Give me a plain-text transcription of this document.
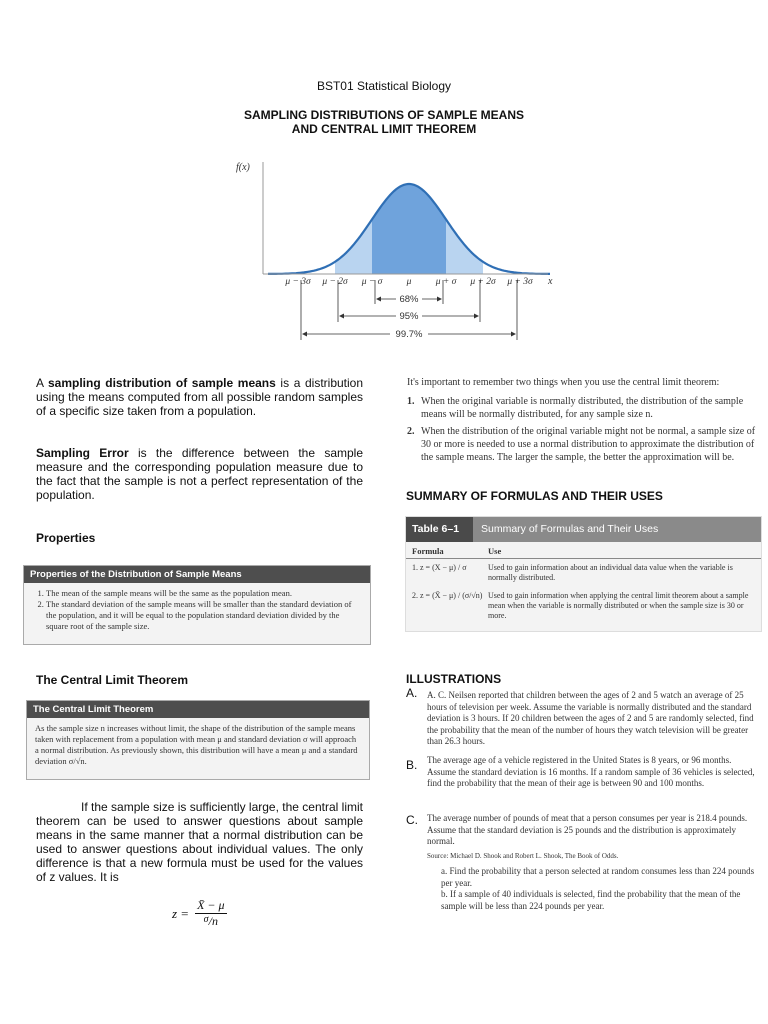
BST01 Statistical Biology
SAMPLING DISTRIBUTIONS OF SAMPLE MEANS
AND CENTRAL LIMIT THEOREM
f(x)
x
μ − 3σ μ − 2σ μ − σ	μ	μ + σ μ + 2σ μ + 3σ
68%
95%
99.7%
A sampling distribution of sample means is a distribution using the means computed from all possible random samples of a specific size taken from a population.
Sampling Error is the difference between the sample measure and the corresponding population measure due to the fact that the sample is not a perfect representation of the population.
Properties
Properties of the Distribution of Sample Means
1. The mean of the sample means will be the same as the population mean.
2. The standard deviation of the sample means will be smaller than the standard deviation of the population, and it will be equal to the population standard deviation divided by the square root of the sample size.
The Central Limit Theorem
The Central Limit Theorem
As the sample size n increases without limit, the shape of the distribution of the sample means taken with replacement from a population with mean μ and standard deviation σ will approach a normal distribution. As previously shown, this distribution will have a mean μ and a standard deviation σ/√n.
If the sample size is sufficiently large, the central limit theorem can be used to answer questions about sample means in the same manner that a normal distribution can be used to answer questions about individual values. The only difference is that a new formula must be used for the values of z values. It is
$z = \frac{X̄ - \mu}{^\sigma/n}$
It's important to remember two things when you use the central limit theorem:
1. When the original variable is normally distributed, the distribution of the sample means will be normally distributed, for any sample size n.
2. When the distribution of the original variable might not be normal, a sample size of 30 or more is needed to use a normal distribution to approximate the distribution of the sample means. The larger the sample, the better the approximation will be.
SUMMARY OF FORMULAS AND THEIR USES
Table 6–1	Summary of Formulas and Their Uses
Formula	Use
1. z = (X − μ) / σ	Used to gain information about an individual data value when the variable is normally distributed.
2. z = (X̄ − μ) / (σ/√n) Used to gain information when applying the central limit theorem about a sample mean when the variable is normally distributed or when the sample size is 30 or more.
ILLUSTRATIONS
A. A. C. Neilsen reported that children between the ages of 2 and 5 watch an average of 25 hours of television per week. Assume the variable is normally distributed and the standard deviation is 3 hours. If 20 children between the ages of 2 and 5 are randomly selected, find the probability that the mean of the number of hours they watch television will be greater than 26.3 hours.
B. The average age of a vehicle registered in the United States is 8 years, or 96 months. Assume the standard deviation is 16 months. If a random sample of 36 vehicles is selected, find the probability that the mean of their age is between 90 and 100 months.
C. The average number of pounds of meat that a person consumes per year is 218.4 pounds. Assume that the standard deviation is 25 pounds and the distribution is approximately normal.
Source: Michael D. Shook and Robert L. Shook, The Book of Odds.
a. Find the probability that a person selected at random consumes less than 224 pounds per year.
b. If a sample of 40 individuals is selected, find the probability that the mean of the sample will be less than 224 pounds per year.
